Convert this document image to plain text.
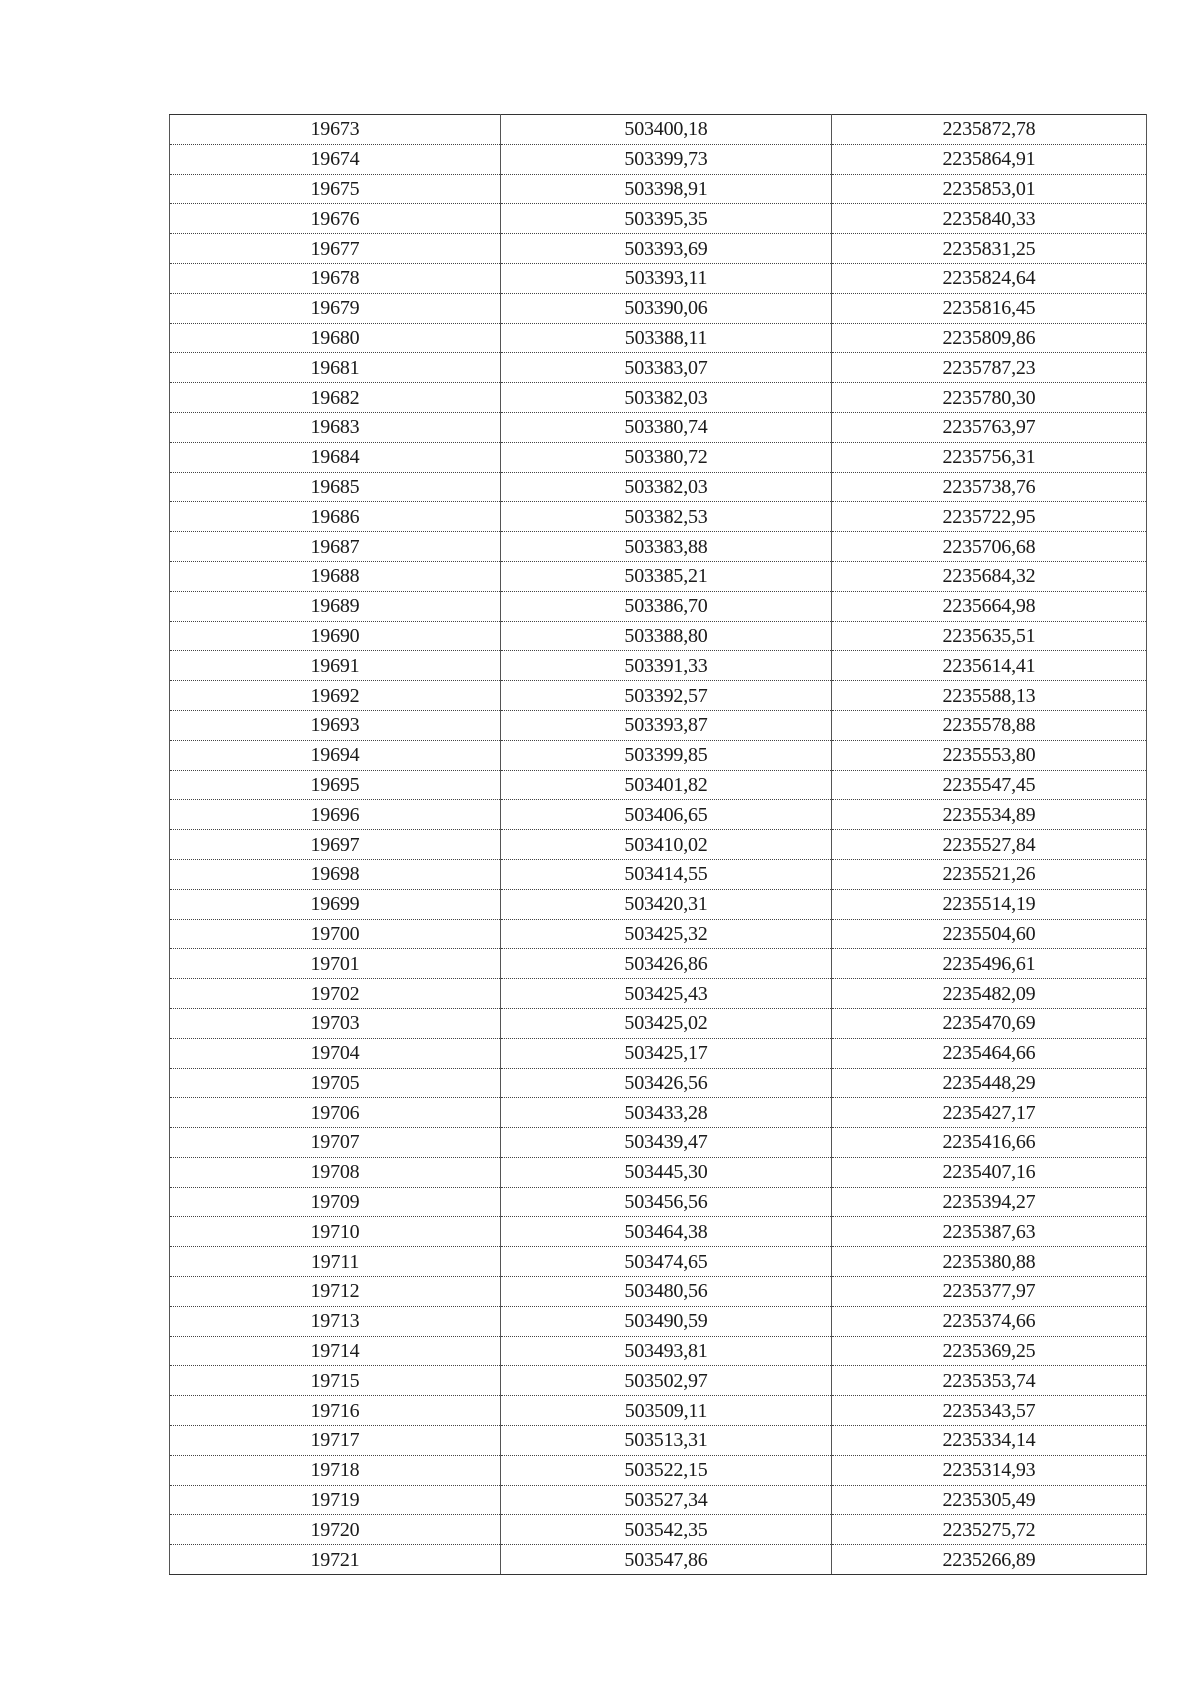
19673	503400,18	2235872,78
19674	503399,73	2235864,91
19675	503398,91	2235853,01
19676	503395,35	2235840,33
19677	503393,69	2235831,25
19678	503393,11	2235824,64
19679	503390,06	2235816,45
19680	503388,11	2235809,86
19681	503383,07	2235787,23
19682	503382,03	2235780,30
19683	503380,74	2235763,97
19684	503380,72	2235756,31
19685	503382,03	2235738,76
19686	503382,53	2235722,95
19687	503383,88	2235706,68
19688	503385,21	2235684,32
19689	503386,70	2235664,98
19690	503388,80	2235635,51
19691	503391,33	2235614,41
19692	503392,57	2235588,13
19693	503393,87	2235578,88
19694	503399,85	2235553,80
19695	503401,82	2235547,45
19696	503406,65	2235534,89
19697	503410,02	2235527,84
19698	503414,55	2235521,26
19699	503420,31	2235514,19
19700	503425,32	2235504,60
19701	503426,86	2235496,61
19702	503425,43	2235482,09
19703	503425,02	2235470,69
19704	503425,17	2235464,66
19705	503426,56	2235448,29
19706	503433,28	2235427,17
19707	503439,47	2235416,66
19708	503445,30	2235407,16
19709	503456,56	2235394,27
19710	503464,38	2235387,63
19711	503474,65	2235380,88
19712	503480,56	2235377,97
19713	503490,59	2235374,66
19714	503493,81	2235369,25
19715	503502,97	2235353,74
19716	503509,11	2235343,57
19717	503513,31	2235334,14
19718	503522,15	2235314,93
19719	503527,34	2235305,49
19720	503542,35	2235275,72
19721	503547,86	2235266,89
